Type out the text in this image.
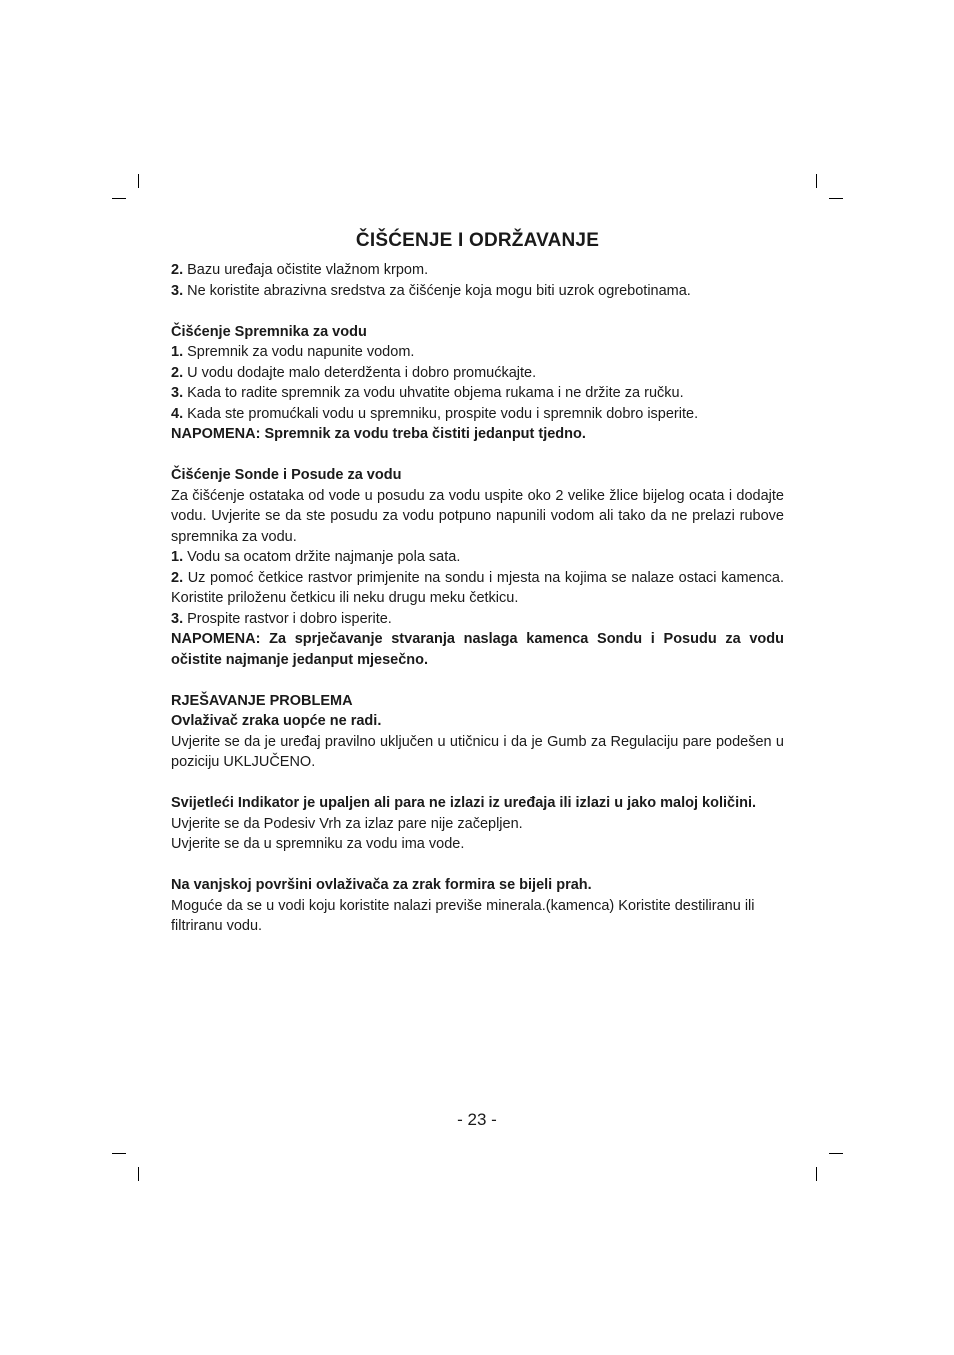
ČIŠĆENJE I ODRŽAVANJE

2. Bazu uređaja očistite vlažnom krpom.

3. Ne koristite abrazivna sredstva za čišćenje koja mogu biti uzrok ogrebotinama.

Čišćenje Spremnika za vodu

1. Spremnik za vodu napunite vodom.

2. U vodu dodajte malo deterdženta i dobro promućkajte.

3. Kada to radite spremnik za vodu uhvatite objema rukama i ne držite za ručku.

4. Kada ste promućkali vodu u spremniku, prospite vodu i spremnik dobro isperite.

NAPOMENA: Spremnik za vodu treba čistiti jedanput tjedno.

Čišćenje Sonde i Posude za vodu

Za čišćenje ostataka od vode u posudu za vodu uspite oko 2 velike žlice bijelog ocata i dodajte vodu. Uvjerite se da ste posudu za vodu potpuno napunili vodom ali tako da ne prelazi rubove spremnika za vodu.

1. Vodu sa ocatom držite najmanje pola sata.

2. Uz pomoć četkice rastvor primjenite na sondu i mjesta na kojima se nalaze ostaci kamenca. Koristite priloženu četkicu ili neku drugu meku četkicu.

3. Prospite rastvor i dobro isperite.

NAPOMENA: Za sprječavanje stvaranja naslaga kamenca Sondu i Posudu za vodu očistite najmanje jedanput mjesečno.

RJEŠAVANJE PROBLEMA

Ovlaživač zraka uopće ne radi.

Uvjerite se da je uređaj pravilno uključen u utičnicu i da je Gumb za Regulaciju pare podešen u poziciju UKLJUČENO.

Svijetleći Indikator je upaljen ali para ne izlazi iz uređaja ili izlazi u jako maloj količini.

Uvjerite se da Podesiv Vrh za izlaz pare nije začepljen.

Uvjerite se da u spremniku za vodu ima vode.

Na vanjskoj površini ovlaživača za zrak formira se bijeli prah.

Moguće da se u vodi koju koristite nalazi previše minerala.(kamenca) Koristite destiliranu ili filtriranu vodu.

- 23 -
